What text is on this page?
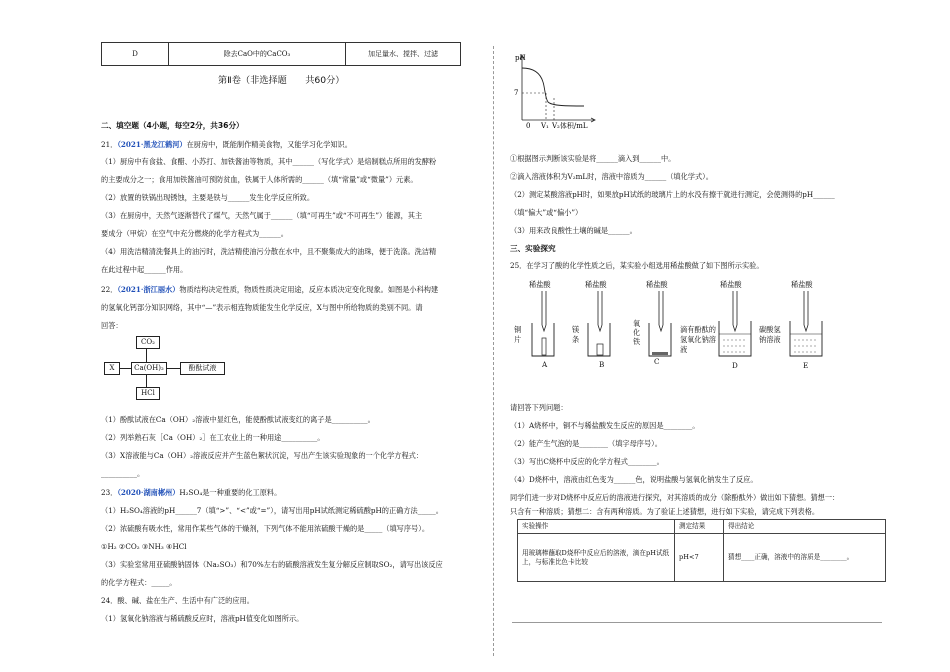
D	除去CaO中的CaCO₃	加足量水、搅拌、过滤
第Ⅱ卷（非选择题　　共60分）
二、填空题（4小题，每空2分，共36分）
21．（2021·黑龙江鹤河）在厨房中，既能制作精美食物，又能学习化学知识。
（1）厨房中有食盐、食醋、小苏打、加铁酱油等物质，其中______（写化学式）是焙制糕点所用的发酵粉
的主要成分之一；食用加铁酱油可预防贫血，铁属于人体所需的______（填“常量”或“微量”）元素。
（2）放置的铁锅出现锈蚀，主要是铁与______发生化学反应所致。
（3）在厨房中，天然气逐渐替代了煤气，天然气属于______（填“可再生”或“不可再生”）能源，其主
要成分（甲烷）在空气中充分燃烧的化学方程式为______。
（4）用洗洁精清洗餐具上的油污时，洗洁精使油污分散在水中，且不聚集成大的油珠，便于洗涤。洗洁精
在此过程中起______作用。
22．（2021·浙江丽水）物质结构决定性质，物质性质决定用途，反应本质决定变化现象。如图是小科构建
的氢氧化钙部分知识网络，其中“—”表示相连物质能发生化学反应，X与图中所给物质的类别不同。请
回答：
CO₂
X	Ca(OH)₂	酚酞试液
HCl
（1）酚酞试液在Ca（OH）₂溶液中显红色，能使酚酞试液变红的离子是__________。
（2）列举熟石灰［Ca（OH）₂］在工农业上的一种用途__________。
（3）X溶液能与Ca（OH）₂溶液反应并产生蓝色絮状沉淀，写出产生该实验现象的一个化学方程式：
__________。
23．（2020·湖南郴州）H₂SO₄是一种重要的化工原料。
（1）H₂SO₄溶液的pH______7（填“>”、“<”或“=”），请写出用pH试纸测定稀硫酸pH的正确方法_____。
（2）浓硫酸有吸水性，常用作某些气体的干燥剂，下列气体不能用浓硫酸干燥的是_____（填写序号）。
①H₂ ②CO₂ ③NH₃ ④HCl
（3）实验室常用亚硫酸钠固体（Na₂SO₃）和70%左右的硫酸溶液发生复分解反应制取SO₂，请写出该反应
的化学方程式：_____。
24．酸、碱、盐在生产、生活中有广泛的应用。
（1）氢氧化钠溶液与稀硫酸反应时，溶液pH值变化如图所示。
pH
7
0 V₁ V₂体积/mL
①根据图示判断该实验是将______滴入到______中。
②滴入溶液体积为V₂mL时，溶液中溶质为______（填化学式）。
（2）测定某酸溶液pH时，如果放pH试纸的玻璃片上的水没有擦干就进行测定，会使测得的pH______
（填“偏大”或“偏小”）
（3）用来改良酸性土壤的碱是______。
三、实验探究
25．在学习了酸的化学性质之后，某实验小组选用稀盐酸做了如下图所示实验。
稀盐酸
铜片
A
稀盐酸
镁条
B
稀盐酸
氧化铁
C
稀盐酸
滴有酚酞的氢氧化钠溶液
D
稀盐酸
碳酸氢钠溶液
E
请回答下列问题：
（1）A烧杯中，铜不与稀盐酸发生反应的原因是________。
（2）能产生气泡的是________（填字母序号）。
（3）写出C烧杯中反应的化学方程式________。
（4）D烧杯中，溶液由红色变为______色，说明盐酸与氢氧化钠发生了反应。
同学们进一步对D烧杯中反应后的溶液进行探究，对其溶质的成分（除酚酞外）做出如下猜想。猜想一：
只含有一种溶质；猜想二：含有两种溶质。为了验证上述猜想，进行如下实验，请完成下列表格。
实验操作	测定结果	得出结论
用玻璃棒蘸取D烧杯中反应后的溶液，滴在pH试纸上，与标准比色卡比较	pH<7	猜想____正确，溶液中的溶质是________。
